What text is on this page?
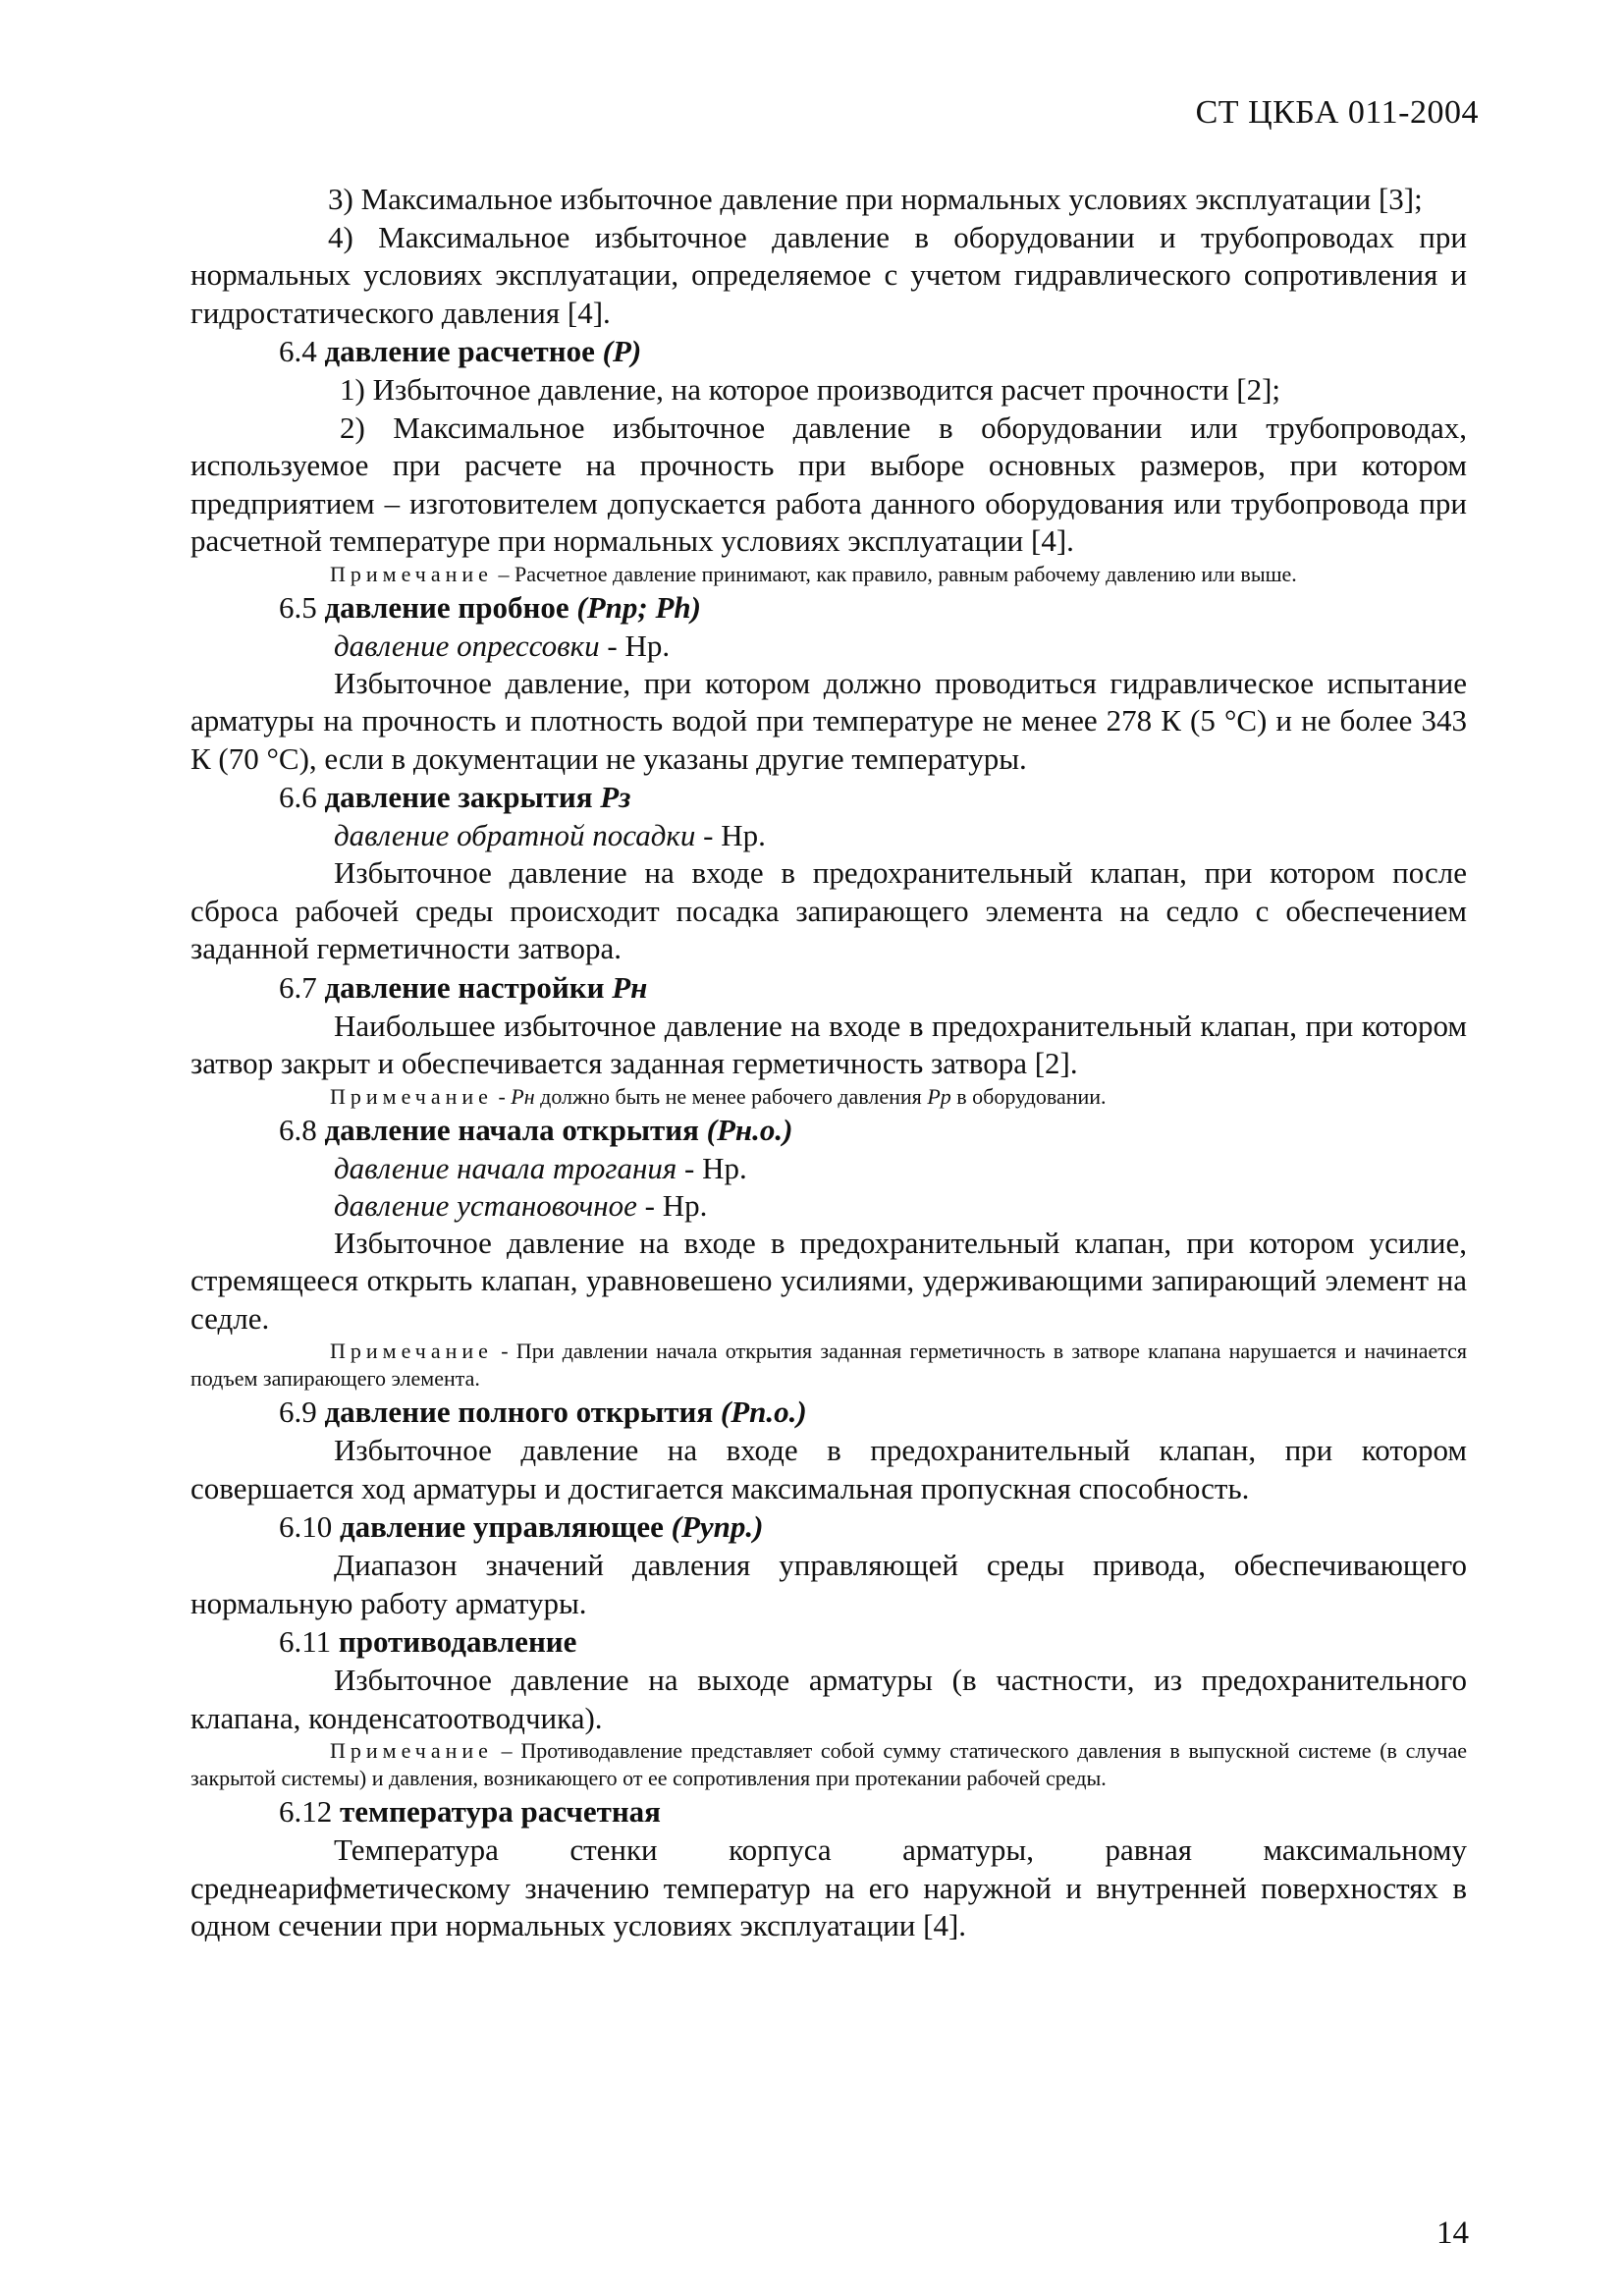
СТ ЦКБА 011-2004

3) Максимальное избыточное давление при нормальных условиях эксплуатации [3];

4) Максимальное избыточное давление в оборудовании и трубопроводах при нормальных условиях эксплуатации, определяемое с учетом гидравлического сопротивления и гидростатического давления [4].

6.4 давление расчетное (Р)

1) Избыточное давление, на которое производится расчет прочности [2];

2) Максимальное избыточное давление в оборудовании или трубопроводах, используемое при расчете на прочность при выборе основных размеров, при котором предприятием – изготовителем допускается работа данного оборудования или трубопровода при расчетной температуре при нормальных условиях эксплуатации [4].

Примечание – Расчетное давление принимают, как правило, равным рабочему давлению или выше.

6.5 давление пробное (Рпр; Ph)

давление опрессовки - Нр.

Избыточное давление, при котором должно проводиться гидравлическое испытание арматуры на прочность и плотность водой при температуре не менее 278 К (5 °С) и не более 343 К (70 °С), если в документации не указаны другие температуры.

6.6 давление закрытия Рз

давление обратной посадки - Нр.

Избыточное давление на входе в предохранительный клапан, при котором после сброса рабочей среды происходит посадка запирающего элемента на седло с обеспечением заданной герметичности затвора.

6.7 давление настройки Рн

Наибольшее избыточное давление на входе в предохранительный клапан, при котором затвор закрыт и обеспечивается заданная герметичность затвора [2].

Примечание - Рн должно быть не менее рабочего давления Рр в оборудовании.

6.8 давление начала открытия (Рн.о.)

давление начала трогания - Нр.

давление установочное - Нр.

Избыточное давление на входе в предохранительный клапан, при котором усилие, стремящееся открыть клапан, уравновешено усилиями, удерживающими запирающий элемент на седле.

Примечание - При давлении начала открытия заданная герметичность в затворе клапана нарушается и начинается подъем запирающего элемента.

6.9 давление полного открытия (Рп.о.)

Избыточное давление на входе в предохранительный клапан, при котором совершается ход арматуры и достигается максимальная пропускная способность.

6.10 давление управляющее (Рупр.)

Диапазон значений давления управляющей среды привода, обеспечивающего нормальную работу арматуры.

6.11 противодавление

Избыточное давление на выходе арматуры (в частности, из предохранительного клапана, конденсатоотводчика).

Примечание – Противодавление представляет собой сумму статического давления в выпускной системе (в случае закрытой системы) и давления, возникающего от ее сопротивления при протекании рабочей среды.

6.12 температура расчетная

Температура стенки корпуса арматуры, равная максимальному среднеарифметическому значению температур на его наружной и внутренней поверхностях в одном сечении при нормальных условиях эксплуатации [4].

14
